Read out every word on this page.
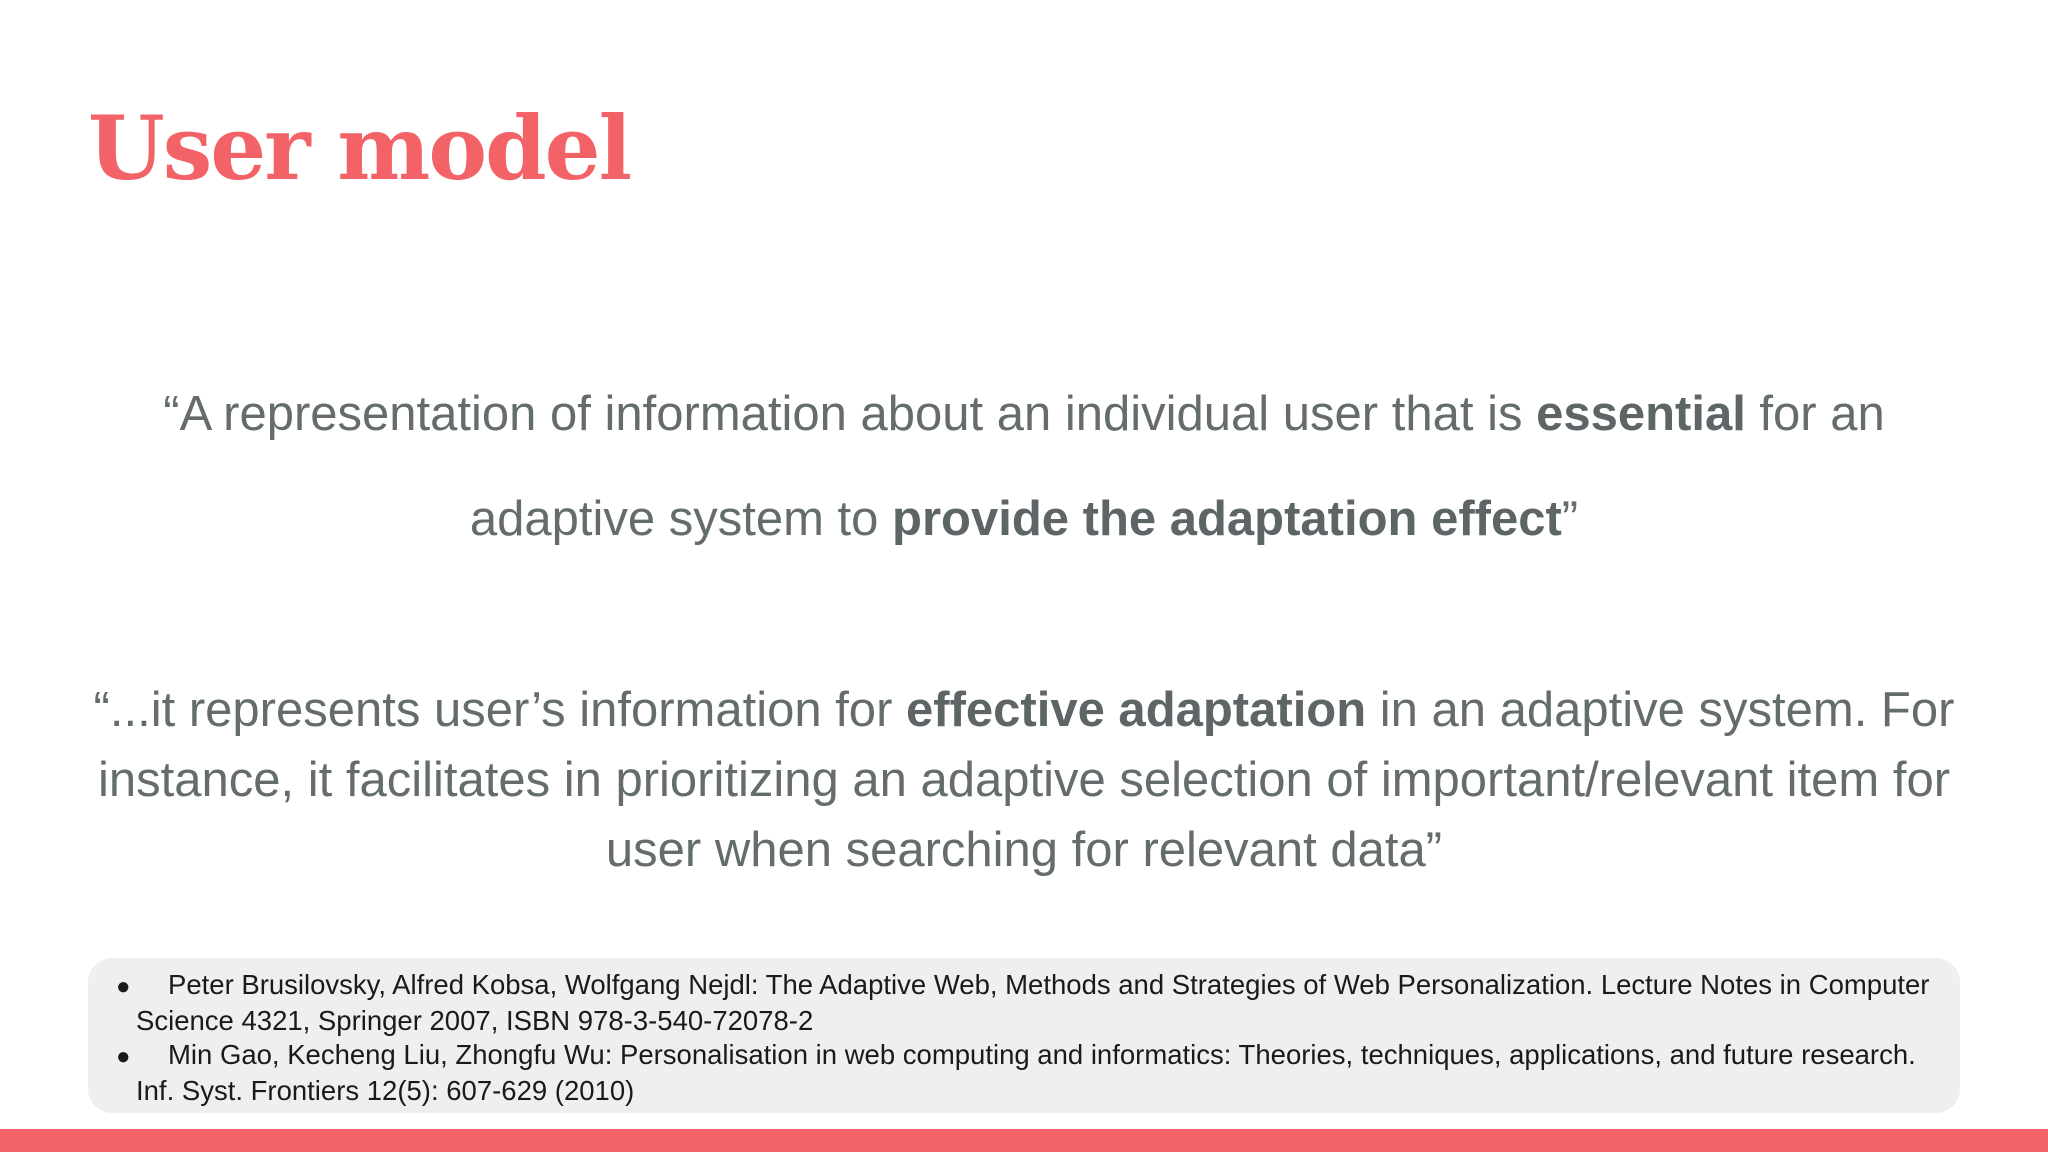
User model

“A representation of information about an individual user that is essential for an adaptive system to provide the adaptation effect”

“...it represents user’s information for effective adaptation in an adaptive system. For instance, it facilitates in prioritizing an adaptive selection of important/relevant item for user when searching for relevant data”

● Peter Brusilovsky, Alfred Kobsa, Wolfgang Nejdl: The Adaptive Web, Methods and Strategies of Web Personalization. Lecture Notes in Computer Science 4321, Springer 2007, ISBN 978-3-540-72078-2
● Min Gao, Kecheng Liu, Zhongfu Wu: Personalisation in web computing and informatics: Theories, techniques, applications, and future research. Inf. Syst. Frontiers 12(5): 607-629 (2010)
